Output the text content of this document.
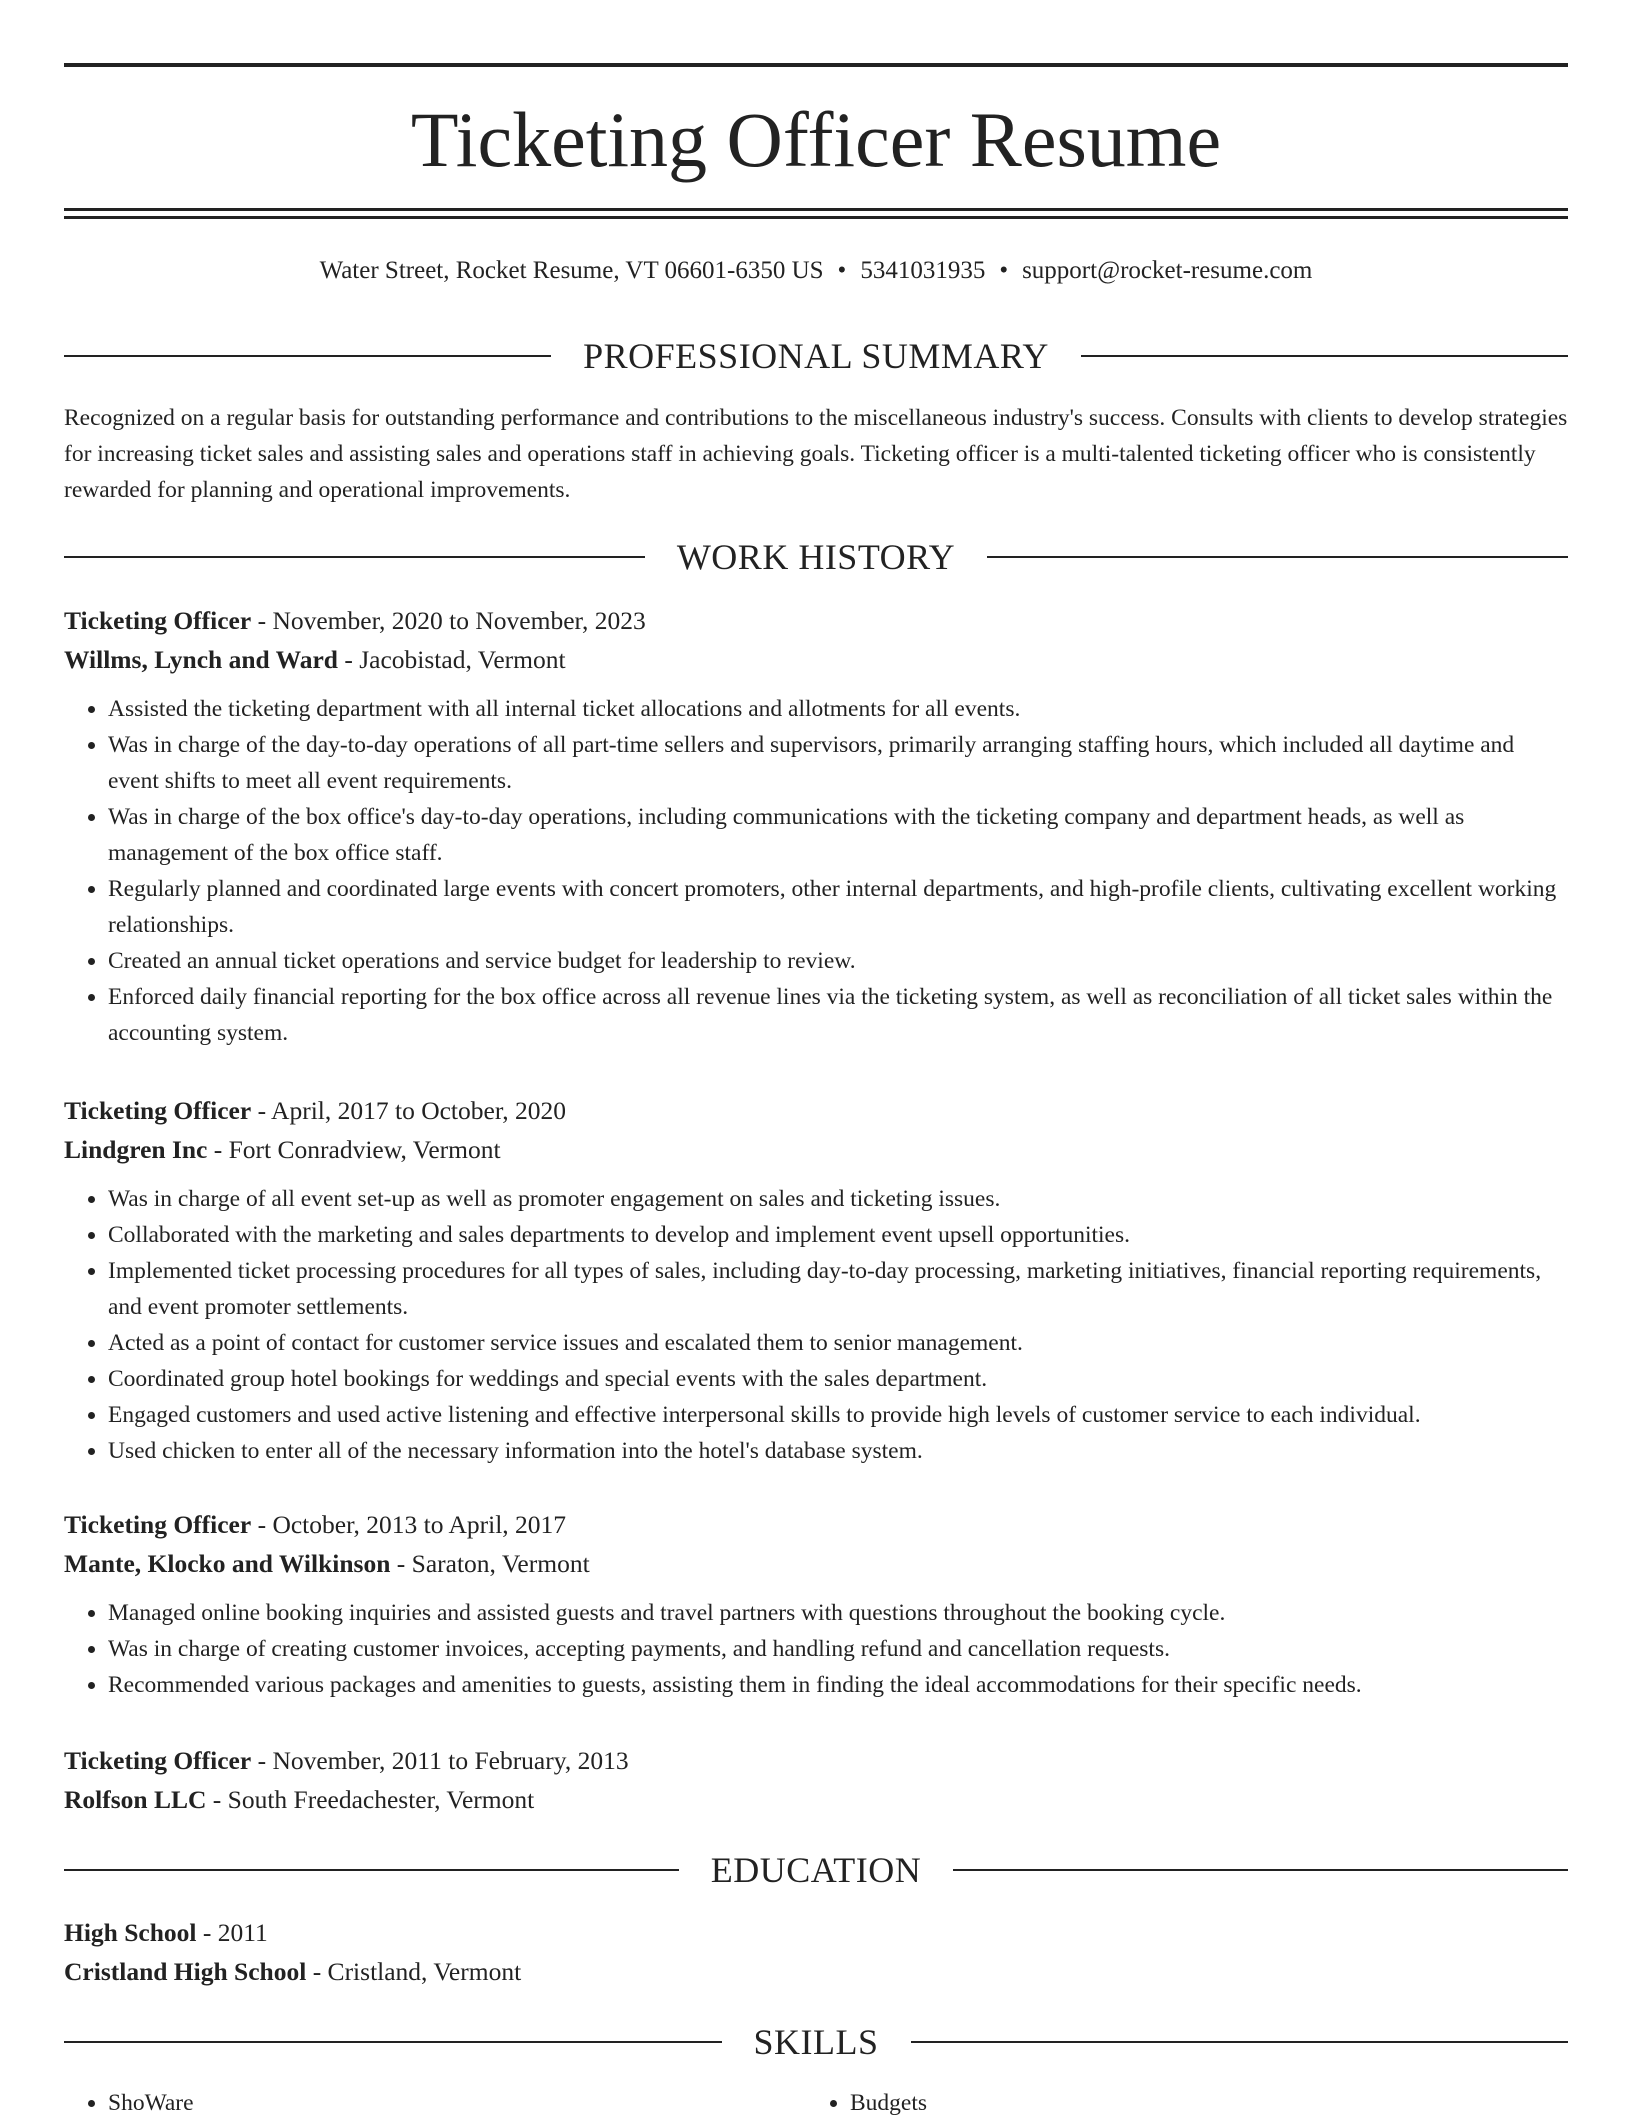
Ticketing Officer Resume
Water Street, Rocket Resume, VT 06601-6350 US • 5341031935 • support@rocket-resume.com
PROFESSIONAL SUMMARY

Recognized on a regular basis for outstanding performance and contributions to the miscellaneous industry's success. Consults with clients to develop strategies for increasing ticket sales and assisting sales and operations staff in achieving goals. Ticketing officer is a multi-talented ticketing officer who is consistently rewarded for planning and operational improvements.

WORK HISTORY
Ticketing Officer - November, 2020 to November, 2023
Willms, Lynch and Ward - Jacobistad, Vermont
• Assisted the ticketing department with all internal ticket allocations and allotments for all events.
• Was in charge of the day-to-day operations of all part-time sellers and supervisors, primarily arranging staffing hours, which included all daytime and event shifts to meet all event requirements.
• Was in charge of the box office's day-to-day operations, including communications with the ticketing company and department heads, as well as management of the box office staff.
• Regularly planned and coordinated large events with concert promoters, other internal departments, and high-profile clients, cultivating excellent working relationships.
• Created an annual ticket operations and service budget for leadership to review.
• Enforced daily financial reporting for the box office across all revenue lines via the ticketing system, as well as reconciliation of all ticket sales within the accounting system.
Ticketing Officer - April, 2017 to October, 2020
Lindgren Inc - Fort Conradview, Vermont
• Was in charge of all event set-up as well as promoter engagement on sales and ticketing issues.
• Collaborated with the marketing and sales departments to develop and implement event upsell opportunities.
• Implemented ticket processing procedures for all types of sales, including day-to-day processing, marketing initiatives, financial reporting requirements, and event promoter settlements.
• Acted as a point of contact for customer service issues and escalated them to senior management.
• Coordinated group hotel bookings for weddings and special events with the sales department.
• Engaged customers and used active listening and effective interpersonal skills to provide high levels of customer service to each individual.
• Used chicken to enter all of the necessary information into the hotel's database system.
Ticketing Officer - October, 2013 to April, 2017
Mante, Klocko and Wilkinson - Saraton, Vermont
• Managed online booking inquiries and assisted guests and travel partners with questions throughout the booking cycle.
• Was in charge of creating customer invoices, accepting payments, and handling refund and cancellation requests.
• Recommended various packages and amenities to guests, assisting them in finding the ideal accommodations for their specific needs.
Ticketing Officer - November, 2011 to February, 2013
Rolfson LLC - South Freedachester, Vermont
EDUCATION
High School - 2011
Cristland High School - Cristland, Vermont
SKILLS
• ShoWare
•	Budgets
